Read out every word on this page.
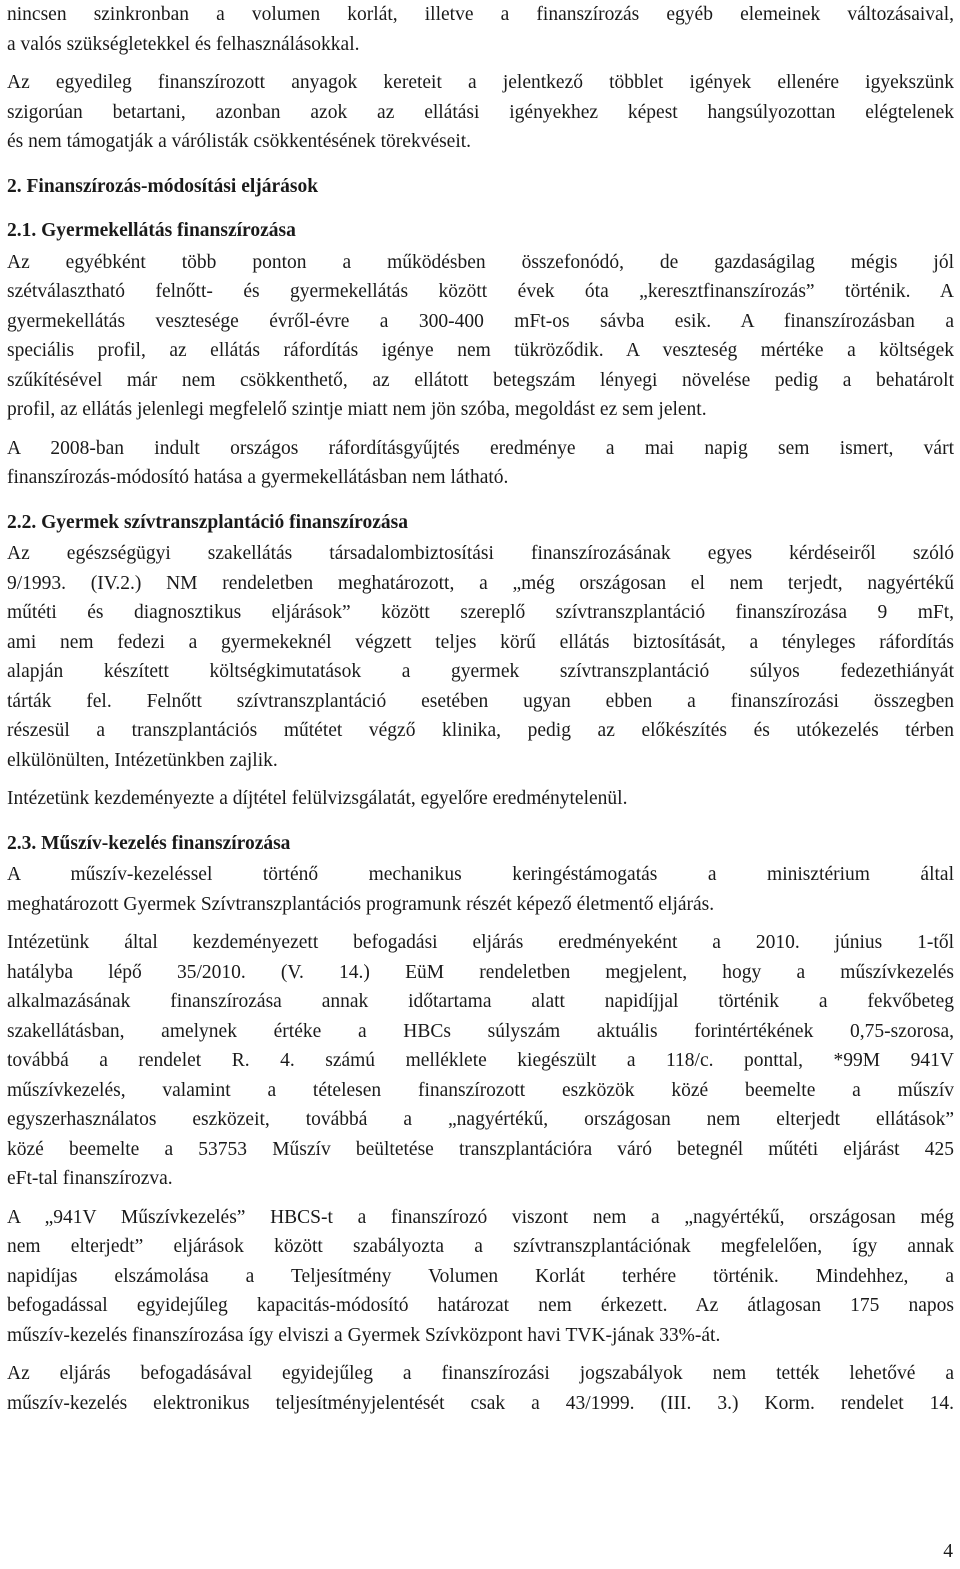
nincsen szinkronban a volumen korlát, illetve a finanszírozás egyéb elemeinek változásaival,

a valós szükségletekkel és felhasználásokkal.

Az egyedileg finanszírozott anyagok kereteit a jelentkező többlet igények ellenére igyekszünk

szigorúan betartani, azonban azok az ellátási igényekhez képest hangsúlyozottan elégtelenek

és nem támogatják a várólisták csökkentésének törekvéseit.

2. Finanszírozás-módosítási eljárások
2.1. Gyermekellátás finanszírozása

Az egyébként több ponton a működésben összefonódó, de gazdaságilag mégis jól

szétválasztható felnőtt- és gyermekellátás között évek óta „keresztfinanszírozás” történik. A

gyermekellátás vesztesége évről-évre a 300-400 mFt-os sávba esik. A finanszírozásban a

speciális profil, az ellátás ráfordítás igénye nem tükröződik. A veszteség mértéke a költségek

szűkítésével már nem csökkenthető, az ellátott betegszám lényegi növelése pedig a behatárolt

profil, az ellátás jelenlegi megfelelő szintje miatt nem jön szóba, megoldást ez sem jelent.

A 2008-ban indult országos ráfordításgyűjtés eredménye a mai napig sem ismert, várt

finanszírozás-módosító hatása a gyermekellátásban nem látható.

2.2. Gyermek szívtranszplantáció finanszírozása

Az egészségügyi szakellátás társadalombiztosítási finanszírozásának egyes kérdéseiről szóló

9/1993. (IV.2.) NM rendeletben meghatározott, a „még országosan el nem terjedt, nagyértékű

műtéti és diagnosztikus eljárások” között szereplő szívtranszplantáció finanszírozása 9 mFt,

ami nem fedezi a gyermekeknél végzett teljes körű ellátás biztosítását, a tényleges ráfordítás

alapján készített költségkimutatások a gyermek szívtranszplantáció súlyos fedezethiányát

tárták fel. Felnőtt szívtranszplantáció esetében ugyan ebben a finanszírozási összegben

részesül a transzplantációs műtétet végző klinika, pedig az előkészítés és utókezelés térben

elkülönülten, Intézetünkben zajlik.

Intézetünk kezdeményezte a díjtétel felülvizsgálatát, egyelőre eredménytelenül.

2.3. Műszív-kezelés finanszírozása

A műszív-kezeléssel történő mechanikus keringéstámogatás a minisztérium által

meghatározott Gyermek Szívtranszplantációs programunk részét képező életmentő eljárás.

Intézetünk által kezdeményezett befogadási eljárás eredményeként a 2010. június 1-től

hatályba lépő 35/2010. (V. 14.) EüM rendeletben megjelent, hogy a műszívkezelés

alkalmazásának finanszírozása annak időtartama alatt napidíjjal történik a fekvőbeteg

szakellátásban, amelynek értéke a HBCs súlyszám aktuális forintértékének 0,75-szorosa,

továbbá a rendelet R. 4. számú melléklete kiegészült a 118/c. ponttal, *99M 941V

műszívkezelés, valamint a tételesen finanszírozott eszközök közé beemelte a műszív

egyszerhasználatos eszközeit, továbbá a „nagyértékű, országosan nem elterjedt ellátások”

közé beemelte a 53753 Műszív beültetése transzplantációra váró betegnél műtéti eljárást 425

eFt-tal finanszírozva.

A „941V Műszívkezelés” HBCS-t a finanszírozó viszont nem a „nagyértékű, országosan még

nem elterjedt” eljárások között szabályozta a szívtranszplantációnak megfelelően, így annak

napidíjas elszámolása a Teljesítmény Volumen Korlát terhére történik. Mindehhez, a

befogadással egyidejűleg kapacitás-módosító határozat nem érkezett. Az átlagosan 175 napos

műszív-kezelés finanszírozása így elviszi a Gyermek Szívközpont havi TVK-jának 33%-át.

Az eljárás befogadásával egyidejűleg a finanszírozási jogszabályok nem tették lehetővé a

műszív-kezelés elektronikus teljesítményjelentését csak a 43/1999. (III. 3.) Korm. rendelet 14.

4
